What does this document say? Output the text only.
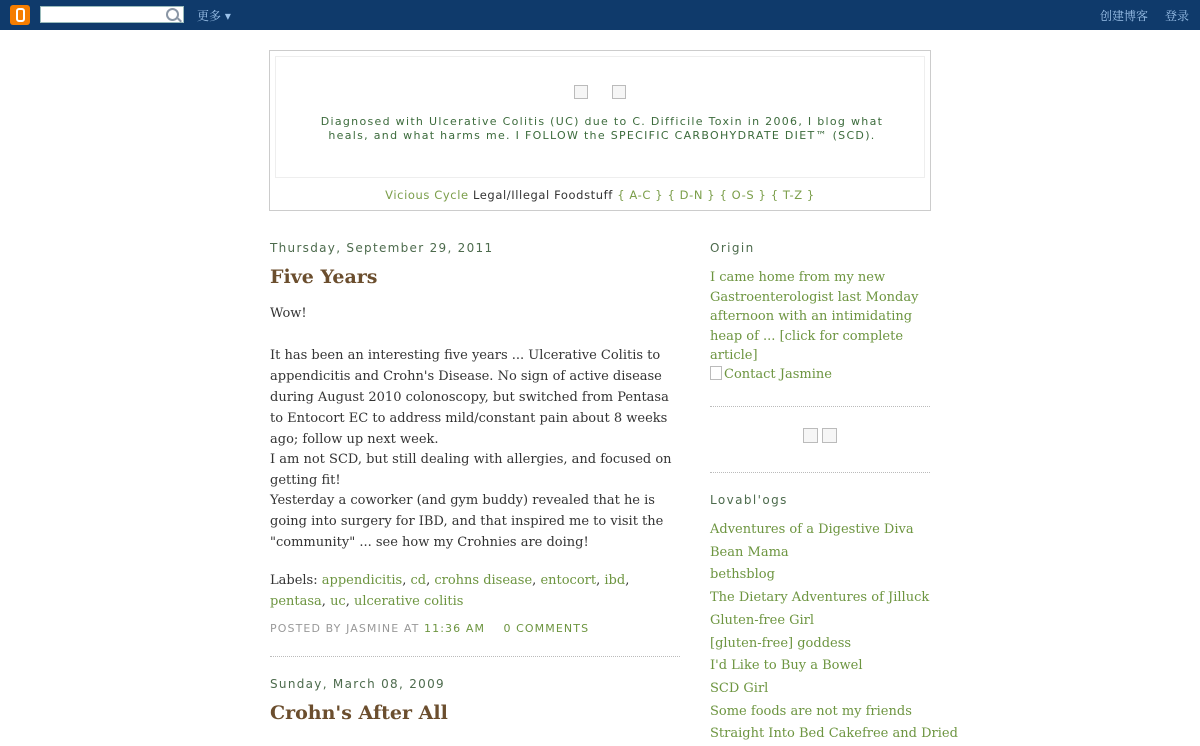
更多 ▾	创建博客 登录
Diagnosed with Ulcerative Colitis (UC) due to C. Difficile Toxin in 2006, I blog what heals, and what harms me. I FOLLOW the SPECIFIC CARBOHYDRATE DIET™ (SCD).
Vicious Cycle Legal/Illegal Foodstuff { A-C } { D-N } { O-S } { T-Z }
Thursday, September 29, 2011
Five Years
Wow!
It has been an interesting five years ... Ulcerative Colitis to appendicitis and Crohn's Disease. No sign of active disease during August 2010 colonoscopy, but switched from Pentasa to Entocort EC to address mild/constant pain about 8 weeks ago; follow up next week.
I am not SCD, but still dealing with allergies, and focused on getting fit!
Yesterday a coworker (and gym buddy) revealed that he is going into surgery for IBD, and that inspired me to visit the "community" ... see how my Crohnies are doing!
Labels: appendicitis, cd, crohns disease, entocort, ibd, pentasa, uc, ulcerative colitis
POSTED BY JASMINE AT 11:36 AM 0 COMMENTS
Sunday, March 08, 2009
Crohn's After All
Origin
I came home from my new Gastroenterologist last Monday afternoon with an intimidating heap of ... [click for complete article]
Contact Jasmine
Lovabl'ogs
Adventures of a Digestive Diva
Bean Mama
bethsblog
The Dietary Adventures of Jilluck
Gluten-free Girl
[gluten-free] goddess
I'd Like to Buy a Bowel
SCD Girl
Some foods are not my friends
Straight Into Bed Cakefree and Dried
